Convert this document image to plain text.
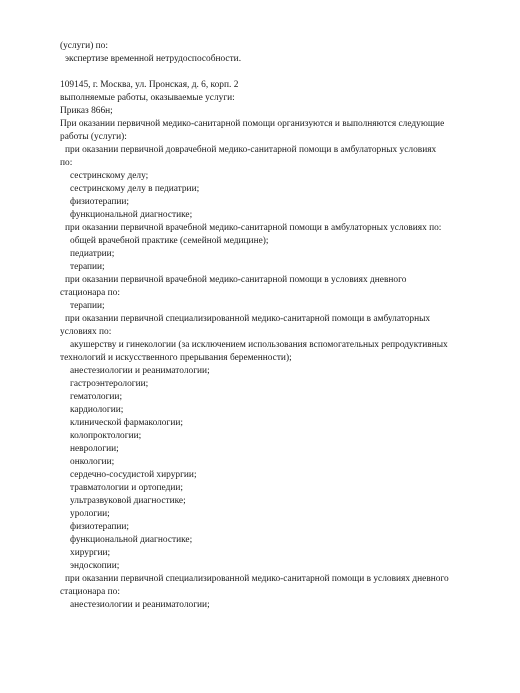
(услуги) по:
экспертизе временной нетрудоспособности.
109145, г. Москва, ул. Пронская, д. 6, корп. 2
выполняемые работы, оказываемые услуги:
Приказ 866н;
При оказании первичной медико-санитарной помощи организуются и выполняются следующие
работы (услуги):
при оказании первичной доврачебной медико-санитарной помощи в амбулаторных условиях
по:
сестринскому делу;
сестринскому делу в педиатрии;
физиотерапии;
функциональной диагностике;
при оказании первичной врачебной медико-санитарной помощи в амбулаторных условиях по:
общей врачебной практике (семейной медицине);
педиатрии;
терапии;
при оказании первичной врачебной медико-санитарной помощи в условиях дневного
стационара по:
терапии;
при оказании первичной специализированной медико-санитарной помощи в амбулаторных
условиях по:
акушерству и гинекологии (за исключением использования вспомогательных репродуктивных
технологий и искусственного прерывания беременности);
анестезиологии и реаниматологии;
гастроэнтерологии;
гематологии;
кардиологии;
клинической фармакологии;
колопроктологии;
неврологии;
онкологии;
сердечно-сосудистой хирургии;
травматологии и ортопедии;
ультразвуковой диагностике;
урологии;
физиотерапии;
функциональной диагностике;
хирургии;
эндоскопии;
при оказании первичной специализированной медико-санитарной помощи в условиях дневного
стационара по:
анестезиологии и реаниматологии;
